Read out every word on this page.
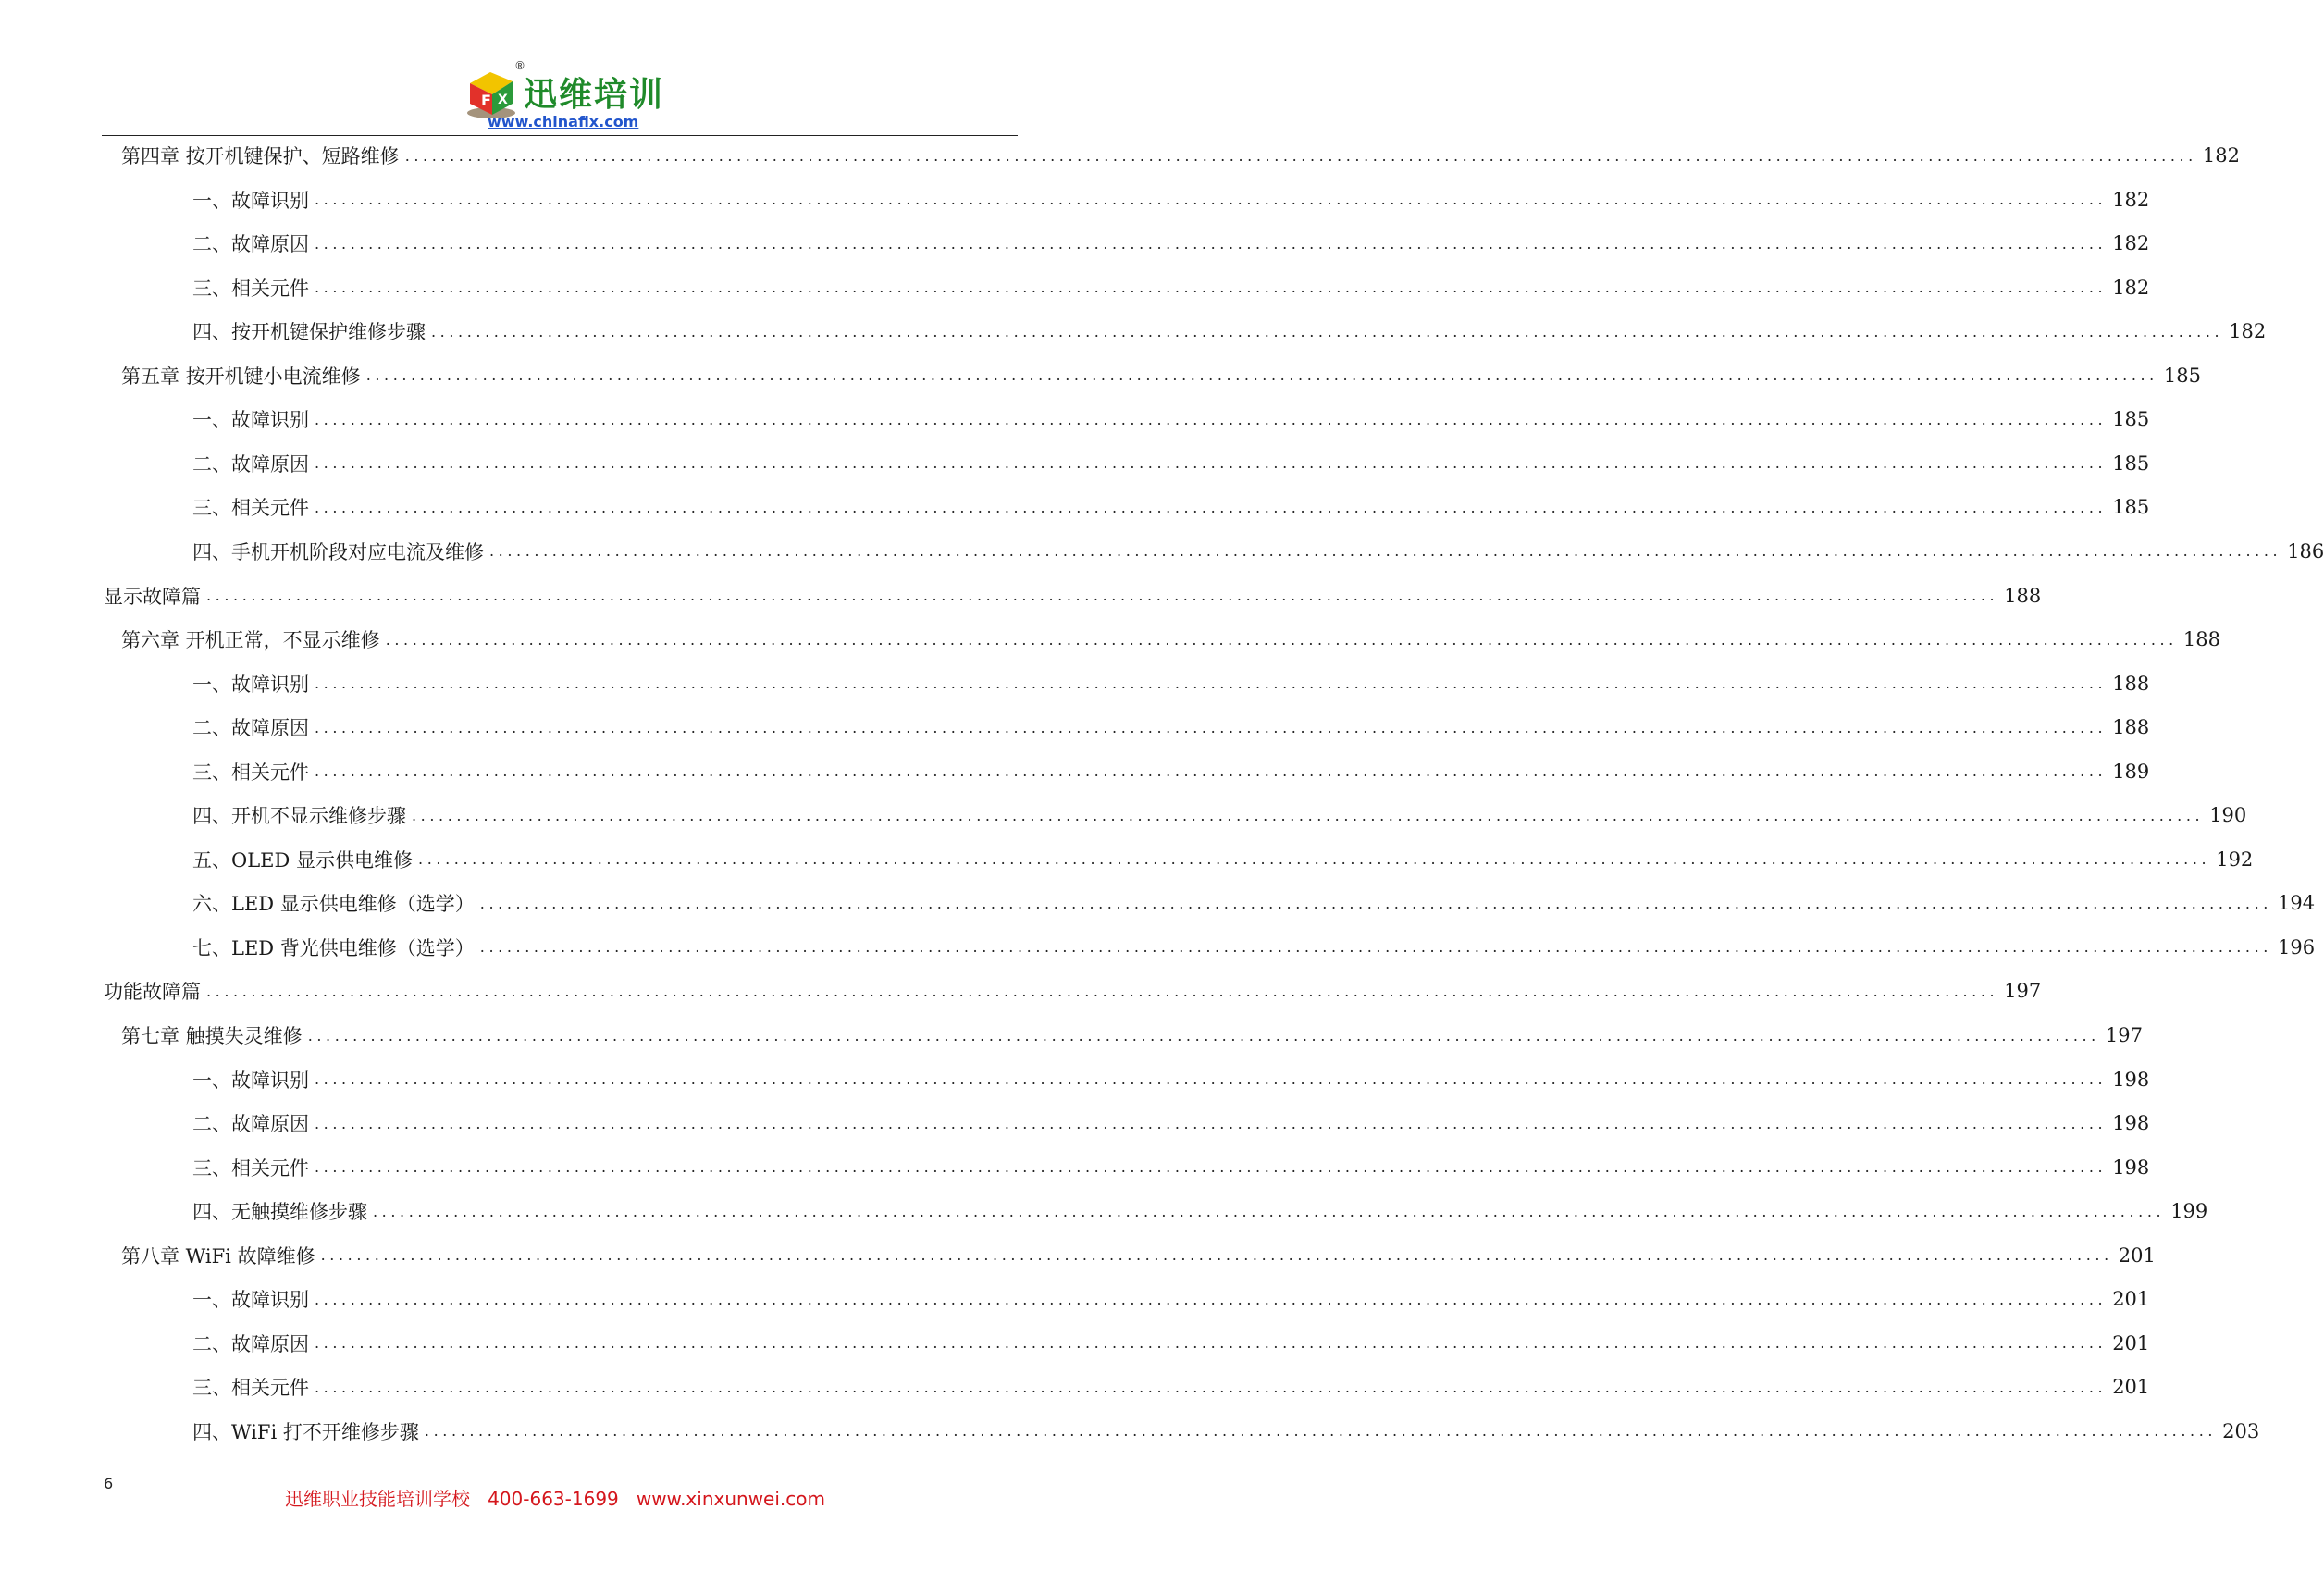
F X
®
迅维培训
www.chinafix.com
第四章 按开机键保护、短路维修 ........................................................................................................................................................................................................ 182
一、故障识别 ........................................................................................................................................................................................................ 182
二、故障原因 ........................................................................................................................................................................................................ 182
三、相关元件 ........................................................................................................................................................................................................ 182
四、按开机键保护维修步骤 ........................................................................................................................................................................................................ 182
第五章 按开机键小电流维修 ........................................................................................................................................................................................................ 185
一、故障识别 ........................................................................................................................................................................................................ 185
二、故障原因 ........................................................................................................................................................................................................ 185
三、相关元件 ........................................................................................................................................................................................................ 185
四、手机开机阶段对应电流及维修 ........................................................................................................................................................................................................ 186
显示故障篇 ........................................................................................................................................................................................................ 188
第六章 开机正常，不显示维修 ........................................................................................................................................................................................................ 188
一、故障识别 ........................................................................................................................................................................................................ 188
二、故障原因 ........................................................................................................................................................................................................ 188
三、相关元件 ........................................................................................................................................................................................................ 189
四、开机不显示维修步骤 ........................................................................................................................................................................................................ 190
五、OLED 显示供电维修 ........................................................................................................................................................................................................ 192
六、LED 显示供电维修（选学） ........................................................................................................................................................................................................ 194
七、LED 背光供电维修（选学） ........................................................................................................................................................................................................ 196
功能故障篇 ........................................................................................................................................................................................................ 197
第七章 触摸失灵维修 ........................................................................................................................................................................................................ 197
一、故障识别 ........................................................................................................................................................................................................ 198
二、故障原因 ........................................................................................................................................................................................................ 198
三、相关元件 ........................................................................................................................................................................................................ 198
四、无触摸维修步骤 ........................................................................................................................................................................................................ 199
第八章 WiFi 故障维修 ........................................................................................................................................................................................................ 201
一、故障识别 ........................................................................................................................................................................................................ 201
二、故障原因 ........................................................................................................................................................................................................ 201
三、相关元件 ........................................................................................................................................................................................................ 201
四、WiFi 打不开维修步骤 ........................................................................................................................................................................................................ 203
6
迅维职业技能培训学校   400-663-1699   www.xinxunwei.com
